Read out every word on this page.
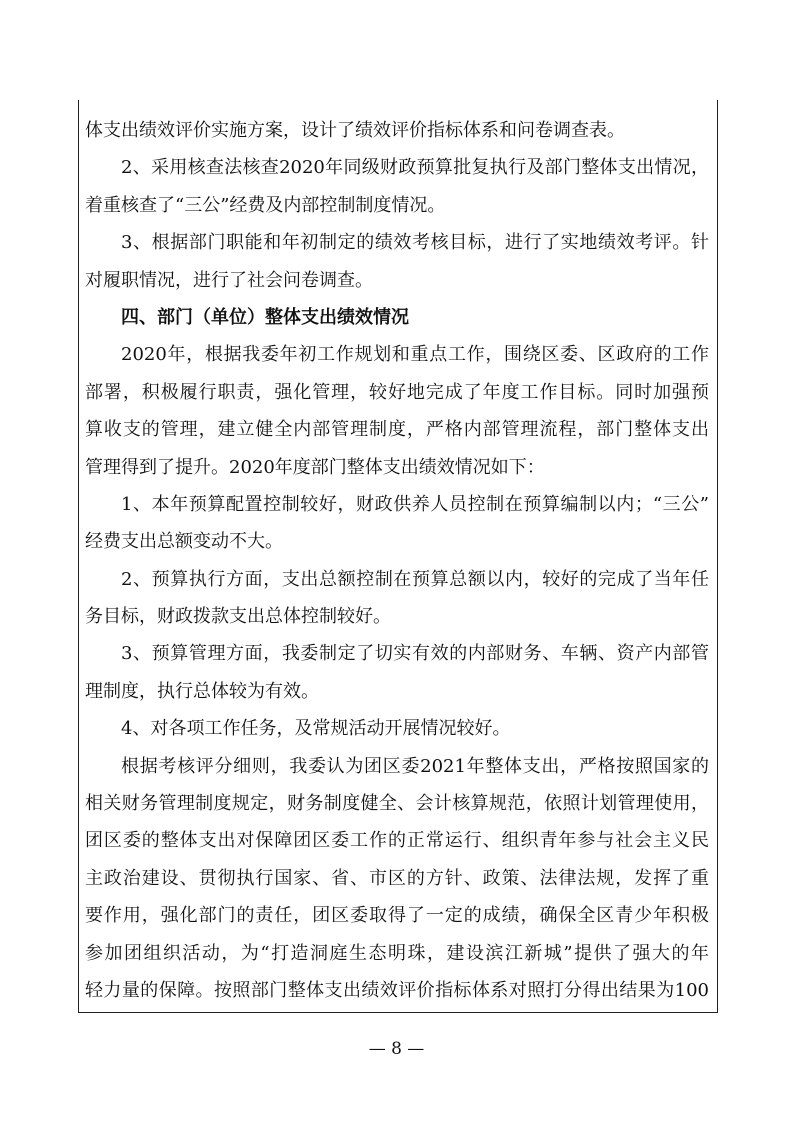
体支出绩效评价实施方案，设计了绩效评价指标体系和问卷调查表。
2、采用核查法核查2020年同级财政预算批复执行及部门整体支出情况，
着重核查了“三公”经费及内部控制制度情况。
3、根据部门职能和年初制定的绩效考核目标，进行了实地绩效考评。针
对履职情况，进行了社会问卷调查。
四、部门（单位）整体支出绩效情况
2020年，根据我委年初工作规划和重点工作，围绕区委、区政府的工作
部署，积极履行职责，强化管理，较好地完成了年度工作目标。同时加强预
算收支的管理，建立健全内部管理制度，严格内部管理流程，部门整体支出
管理得到了提升。2020年度部门整体支出绩效情况如下：
1、本年预算配置控制较好，财政供养人员控制在预算编制以内；“三公”
经费支出总额变动不大。
2、预算执行方面，支出总额控制在预算总额以内，较好的完成了当年任
务目标，财政拨款支出总体控制较好。
3、预算管理方面，我委制定了切实有效的内部财务、车辆、资产内部管
理制度，执行总体较为有效。
4、对各项工作任务，及常规活动开展情况较好。
根据考核评分细则，我委认为团区委2021年整体支出，严格按照国家的
相关财务管理制度规定，财务制度健全、会计核算规范，依照计划管理使用，
团区委的整体支出对保障团区委工作的正常运行、组织青年参与社会主义民
主政治建设、贯彻执行国家、省、市区的方针、政策、法律法规，发挥了重
要作用，强化部门的责任，团区委取得了一定的成绩，确保全区青少年积极
参加团组织活动，为“打造洞庭生态明珠，建设滨江新城”提供了强大的年
轻力量的保障。按照部门整体支出绩效评价指标体系对照打分得出结果为100
— 8 —
